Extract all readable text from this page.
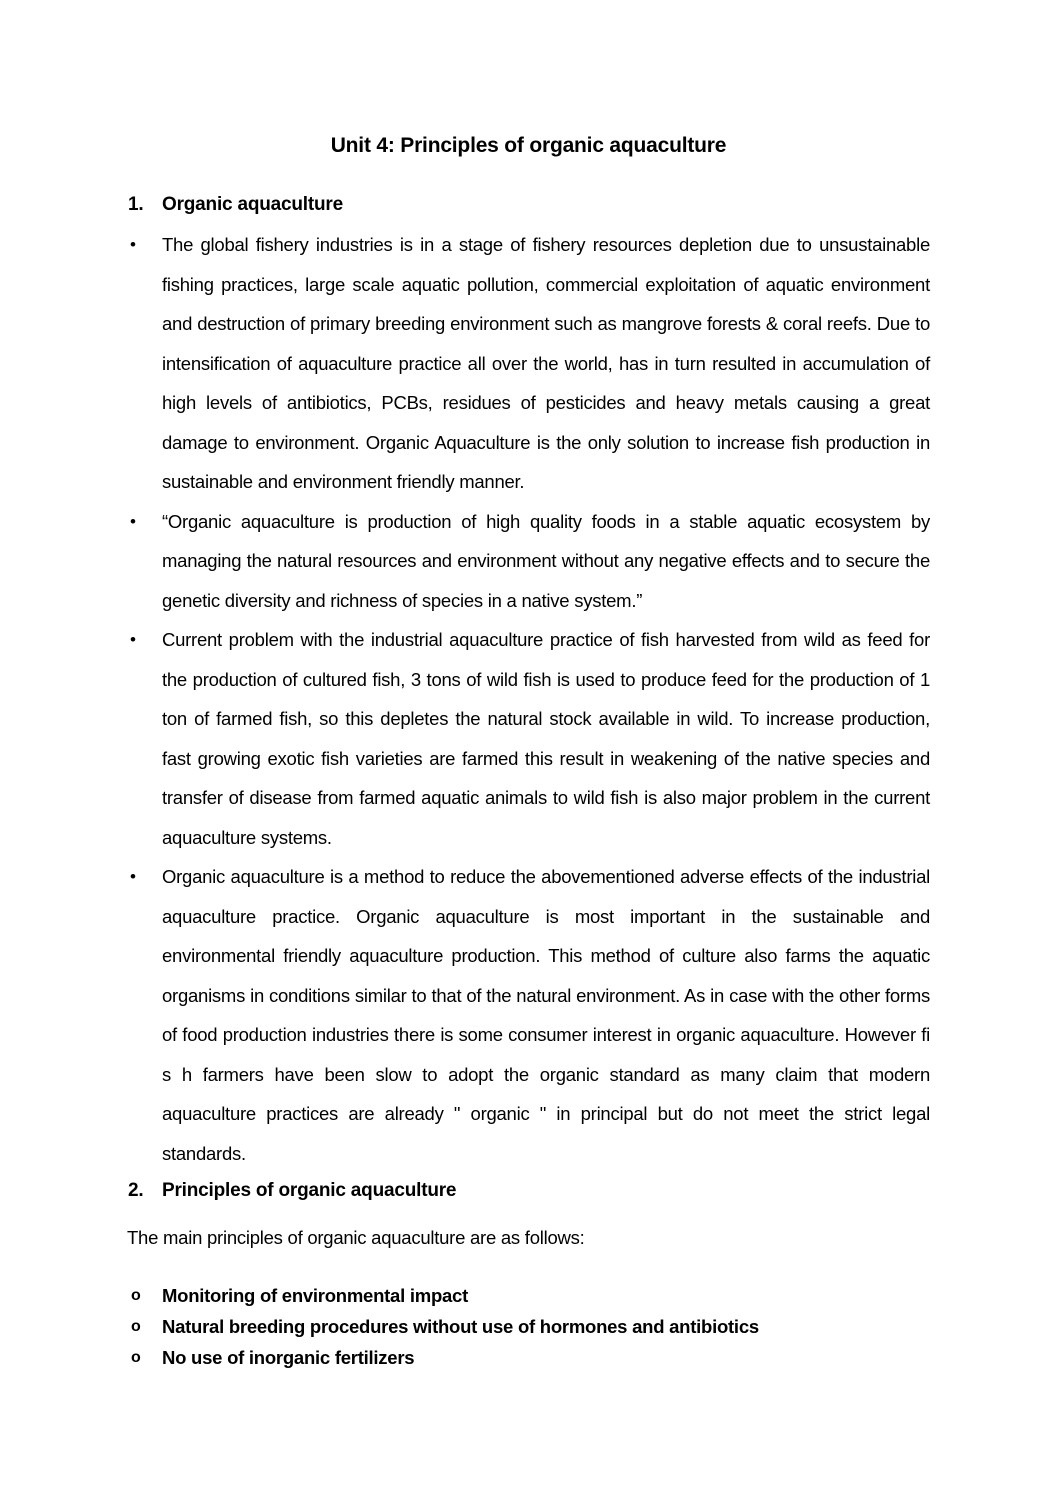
Unit 4: Principles of organic aquaculture
1. Organic aquaculture
• The global fishery industries is in a stage of fishery resources depletion due to unsustainable fishing practices, large scale aquatic pollution, commercial exploitation of aquatic environment and destruction of primary breeding environment such as mangrove forests & coral reefs. Due to intensification of aquaculture practice all over the world, has in turn resulted in accumulation of high levels of antibiotics, PCBs, residues of pesticides and heavy metals causing a great damage to environment. Organic Aquaculture is the only solution to increase fish production in sustainable and environment friendly manner.

• “Organic aquaculture is production of high quality foods in a stable aquatic ecosystem by managing the natural resources and environment without any negative effects and to secure the genetic diversity and richness of species in a native system.”

• Current problem with the industrial aquaculture practice of fish harvested from wild as feed for the production of cultured fish, 3 tons of wild fish is used to produce feed for the production of 1 ton of farmed fish, so this depletes the natural stock available in wild. To increase production, fast growing exotic fish varieties are farmed this result in weakening of the native species and transfer of disease from farmed aquatic animals to wild fish is also major problem in the current aquaculture systems.

• Organic aquaculture is a method to reduce the abovementioned adverse effects of the industrial aquaculture practice. Organic aquaculture is most important in the sustainable and environmental friendly aquaculture production. This method of culture also farms the aquatic organisms in conditions similar to that of the natural environment. As in case with the other forms of food production industries there is some consumer interest in organic aquaculture. However fi s h farmers have been slow to adopt the organic standard as many claim that modern aquaculture practices are already " organic " in principal but do not meet the strict legal standards.

2. Principles of organic aquaculture

The main principles of organic aquaculture are as follows:

o Monitoring of environmental impact
o Natural breeding procedures without use of hormones and antibiotics
o No use of inorganic fertilizers
